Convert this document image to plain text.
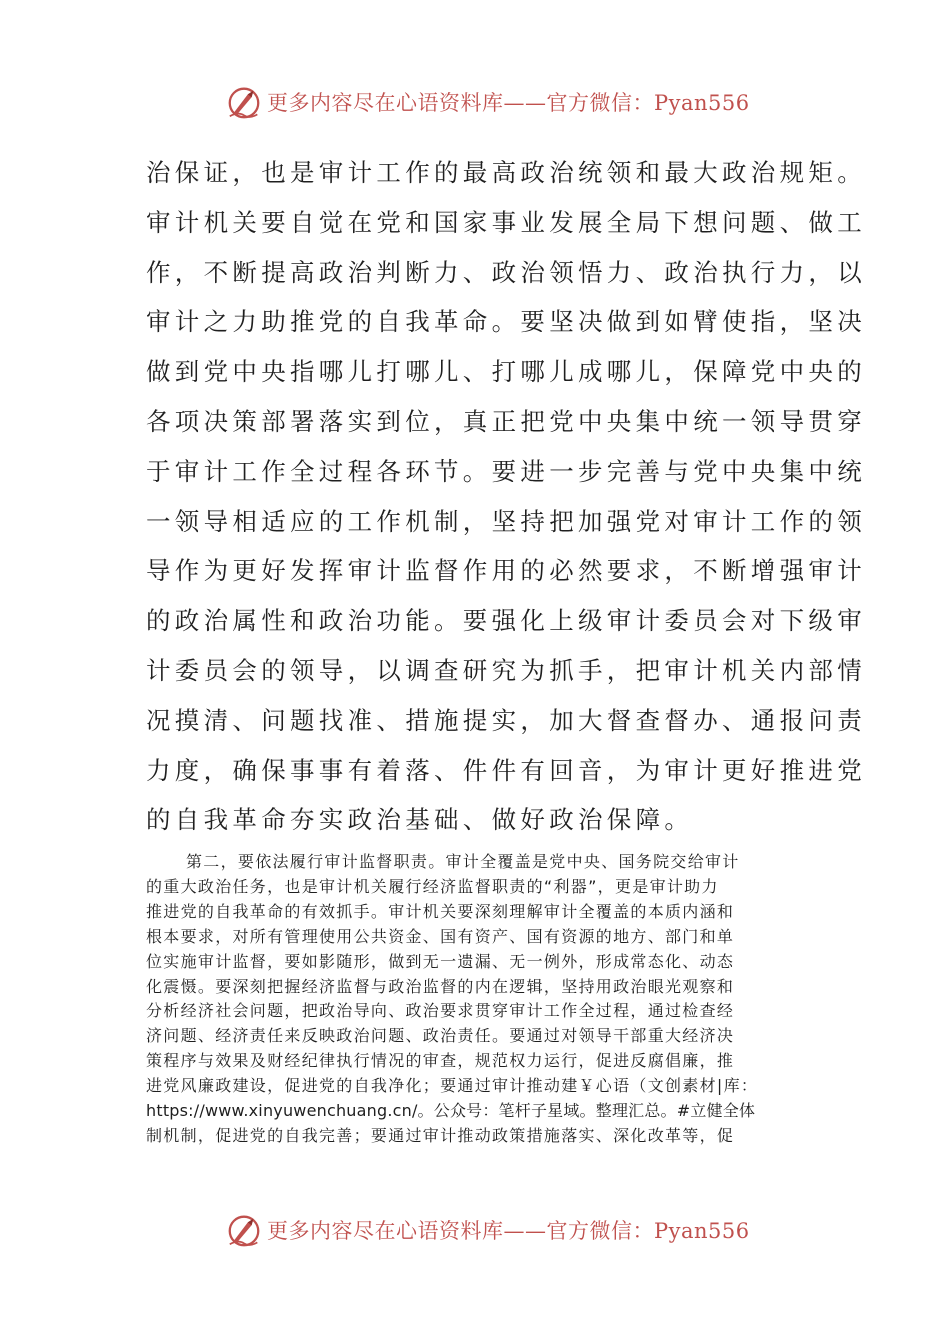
更多内容尽在心语资料库——官方微信：Pyan556
治保证，也是审计工作的最高政治统领和最大政治规矩。
审计机关要自觉在党和国家事业发展全局下想问题、做工
作，不断提高政治判断力、政治领悟力、政治执行力，以
审计之力助推党的自我革命。要坚决做到如臂使指，坚决
做到党中央指哪儿打哪儿、打哪儿成哪儿，保障党中央的
各项决策部署落实到位，真正把党中央集中统一领导贯穿
于审计工作全过程各环节。要进一步完善与党中央集中统
一领导相适应的工作机制，坚持把加强党对审计工作的领
导作为更好发挥审计监督作用的必然要求，不断增强审计
的政治属性和政治功能。要强化上级审计委员会对下级审
计委员会的领导，以调查研究为抓手，把审计机关内部情
况摸清、问题找准、措施提实，加大督查督办、通报问责
力度，确保事事有着落、件件有回音，为审计更好推进党
的自我革命夯实政治基础、做好政治保障。
第二，要依法履行审计监督职责。审计全覆盖是党中央、国务院交给审计
的重大政治任务，也是审计机关履行经济监督职责的“利器”，更是审计助力
推进党的自我革命的有效抓手。审计机关要深刻理解审计全覆盖的本质内涵和
根本要求，对所有管理使用公共资金、国有资产、国有资源的地方、部门和单
位实施审计监督，要如影随形，做到无一遗漏、无一例外，形成常态化、动态
化震慑。要深刻把握经济监督与政治监督的内在逻辑，坚持用政治眼光观察和
分析经济社会问题，把政治导向、政治要求贯穿审计工作全过程，通过检查经
济问题、经济责任来反映政治问题、政治责任。要通过对领导干部重大经济决
策程序与效果及财经纪律执行情况的审查，规范权力运行，促进反腐倡廉，推
进党风廉政建设，促进党的自我净化；要通过审计推动建￥心语（文创素材|库：
https://www.xinyuwenchuang.cn/。公众号：笔杆子星域。整理汇总。#立健全体
制机制，促进党的自我完善；要通过审计推动政策措施落实、深化改革等，促
更多内容尽在心语资料库——官方微信：Pyan556
